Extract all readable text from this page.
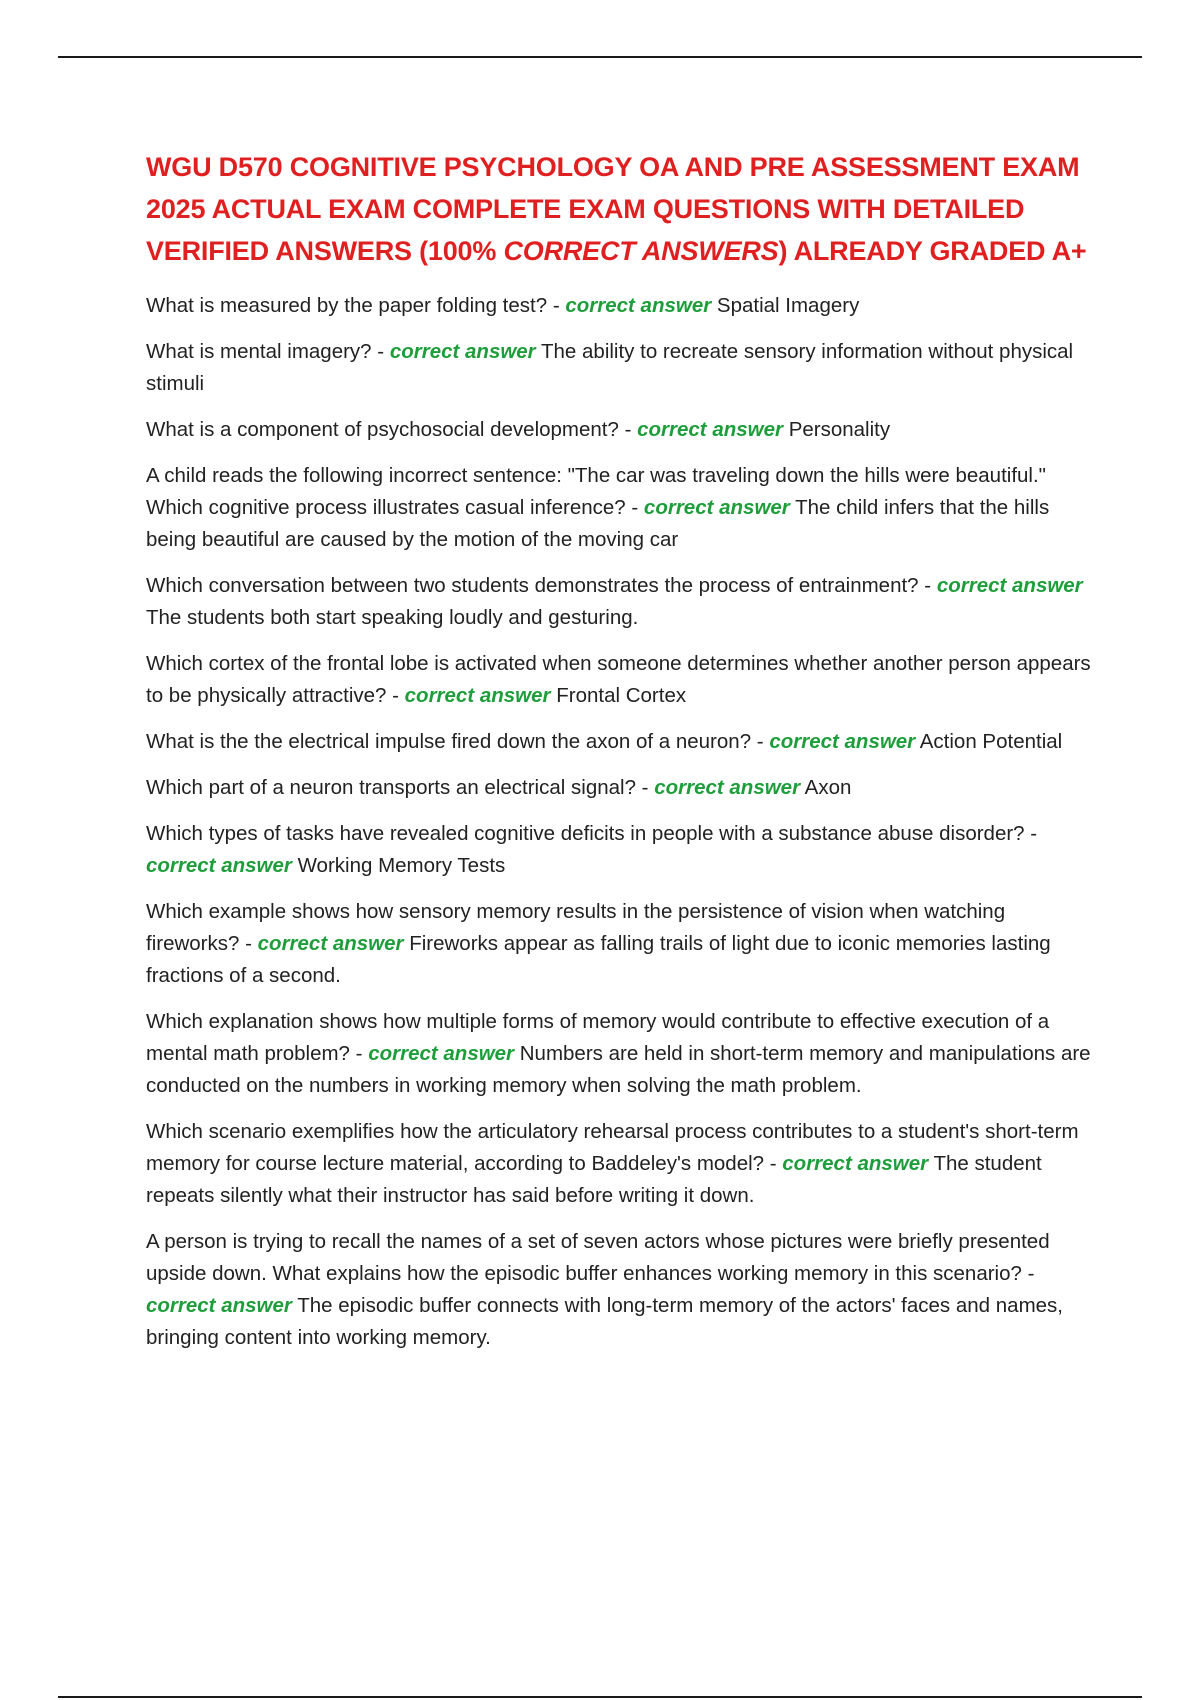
WGU D570 COGNITIVE PSYCHOLOGY OA AND PRE ASSESSMENT EXAM 2025 ACTUAL EXAM COMPLETE EXAM QUESTIONS WITH DETAILED VERIFIED ANSWERS (100% CORRECT ANSWERS) ALREADY GRADED A+

What is measured by the paper folding test? - correct answer Spatial Imagery

What is mental imagery? - correct answer The ability to recreate sensory information without physical stimuli

What is a component of psychosocial development? - correct answer Personality

A child reads the following incorrect sentence: "The car was traveling down the hills were beautiful." Which cognitive process illustrates casual inference? - correct answer The child infers that the hills being beautiful are caused by the motion of the moving car

Which conversation between two students demonstrates the process of entrainment? - correct answer The students both start speaking loudly and gesturing.

Which cortex of the frontal lobe is activated when someone determines whether another person appears to be physically attractive? - correct answer Frontal Cortex

What is the the electrical impulse fired down the axon of a neuron? - correct answer Action Potential

Which part of a neuron transports an electrical signal? - correct answer Axon

Which types of tasks have revealed cognitive deficits in people with a substance abuse disorder? - correct answer Working Memory Tests

Which example shows how sensory memory results in the persistence of vision when watching fireworks? - correct answer Fireworks appear as falling trails of light due to iconic memories lasting fractions of a second.

Which explanation shows how multiple forms of memory would contribute to effective execution of a mental math problem? - correct answer Numbers are held in short-term memory and manipulations are conducted on the numbers in working memory when solving the math problem.

Which scenario exemplifies how the articulatory rehearsal process contributes to a student's short-term memory for course lecture material, according to Baddeley's model? - correct answer The student repeats silently what their instructor has said before writing it down.

A person is trying to recall the names of a set of seven actors whose pictures were briefly presented upside down. What explains how the episodic buffer enhances working memory in this scenario? - correct answer The episodic buffer connects with long-term memory of the actors' faces and names, bringing content into working memory.
